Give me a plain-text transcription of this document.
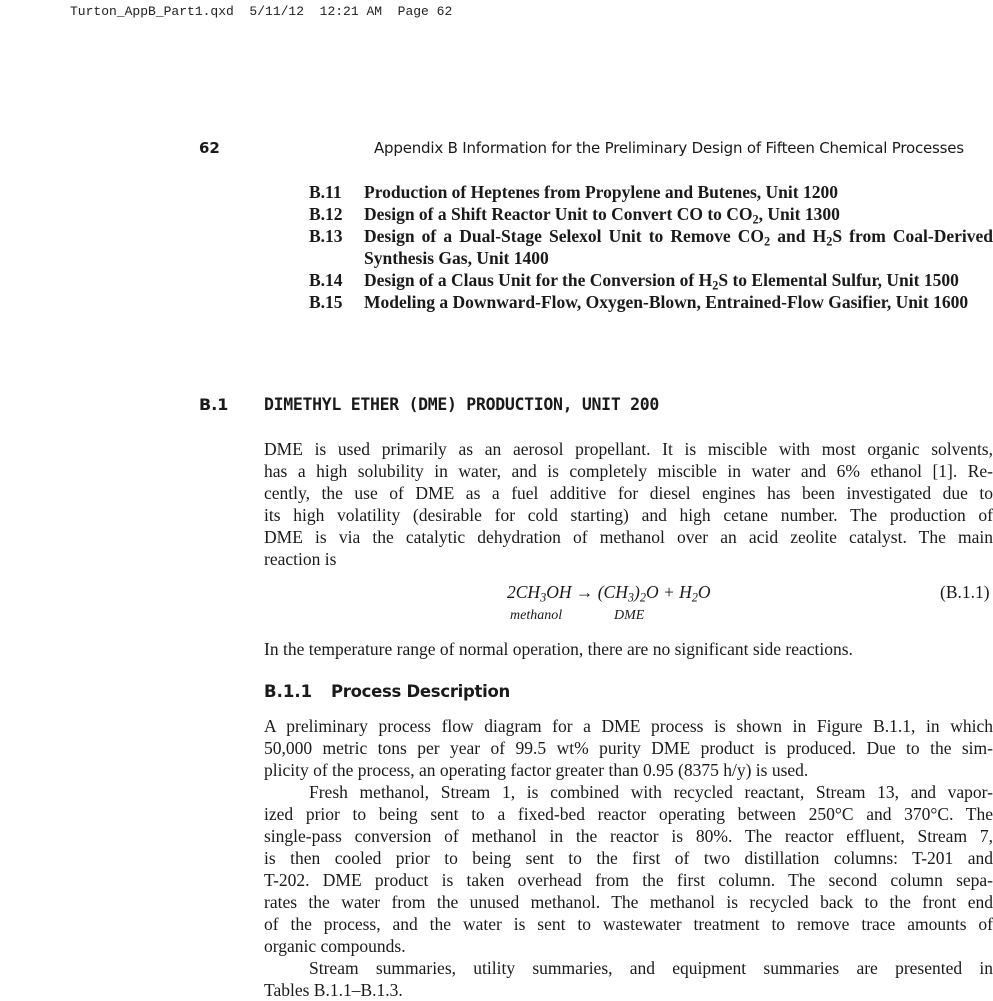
Turton_AppB_Part1.qxd  5/11/12  12:21 AM  Page 62
62	Appendix B Information for the Preliminary Design of Fifteen Chemical Processes
B.11	Production of Heptenes from Propylene and Butenes, Unit 1200
B.12	Design of a Shift Reactor Unit to Convert CO to $CO_2$, Unit 1300
B.13	Design of a Dual-Stage Selexol Unit to Remove $CO_2$ and $H_2S$ from Coal-Derived Synthesis Gas, Unit 1400
B.14	Design of a Claus Unit for the Conversion of $H_2S$ to Elemental Sulfur, Unit 1500
B.15	Modeling a Downward-Flow, Oxygen-Blown, Entrained-Flow Gasifier, Unit 1600
B.1 DIMETHYL ETHER (DME) PRODUCTION, UNIT 200
DME is used primarily as an aerosol propellant. It is miscible with most organic solvents,
has a high solubility in water, and is completely miscible in water and 6% ethanol [1]. Re-
cently, the use of DME as a fuel additive for diesel engines has been investigated due to
its high volatility (desirable for cold starting) and high cetane number. The production of
DME is via the catalytic dehydration of methanol over an acid zeolite catalyst. The main
reaction is
$2CH_3OH \to (CH_3)_2O + H_2O$	(B.1.1)
methanol	DME
In the temperature range of normal operation, there are no significant side reactions.
B.1.1 Process Description
A preliminary process flow diagram for a DME process is shown in Figure B.1.1, in which
50,000 metric tons per year of 99.5 wt% purity DME product is produced. Due to the sim-
plicity of the process, an operating factor greater than 0.95 (8375 h/y) is used.
Fresh methanol, Stream 1, is combined with recycled reactant, Stream 13, and vapor-
ized prior to being sent to a fixed-bed reactor operating between 250°C and 370°C. The
single-pass conversion of methanol in the reactor is 80%. The reactor effluent, Stream 7,
is then cooled prior to being sent to the first of two distillation columns: T-201 and
T-202. DME product is taken overhead from the first column. The second column sepa-
rates the water from the unused methanol. The methanol is recycled back to the front end
of the process, and the water is sent to wastewater treatment to remove trace amounts of
organic compounds.
Stream summaries, utility summaries, and equipment summaries are presented in
Tables B.1.1–B.1.3.
